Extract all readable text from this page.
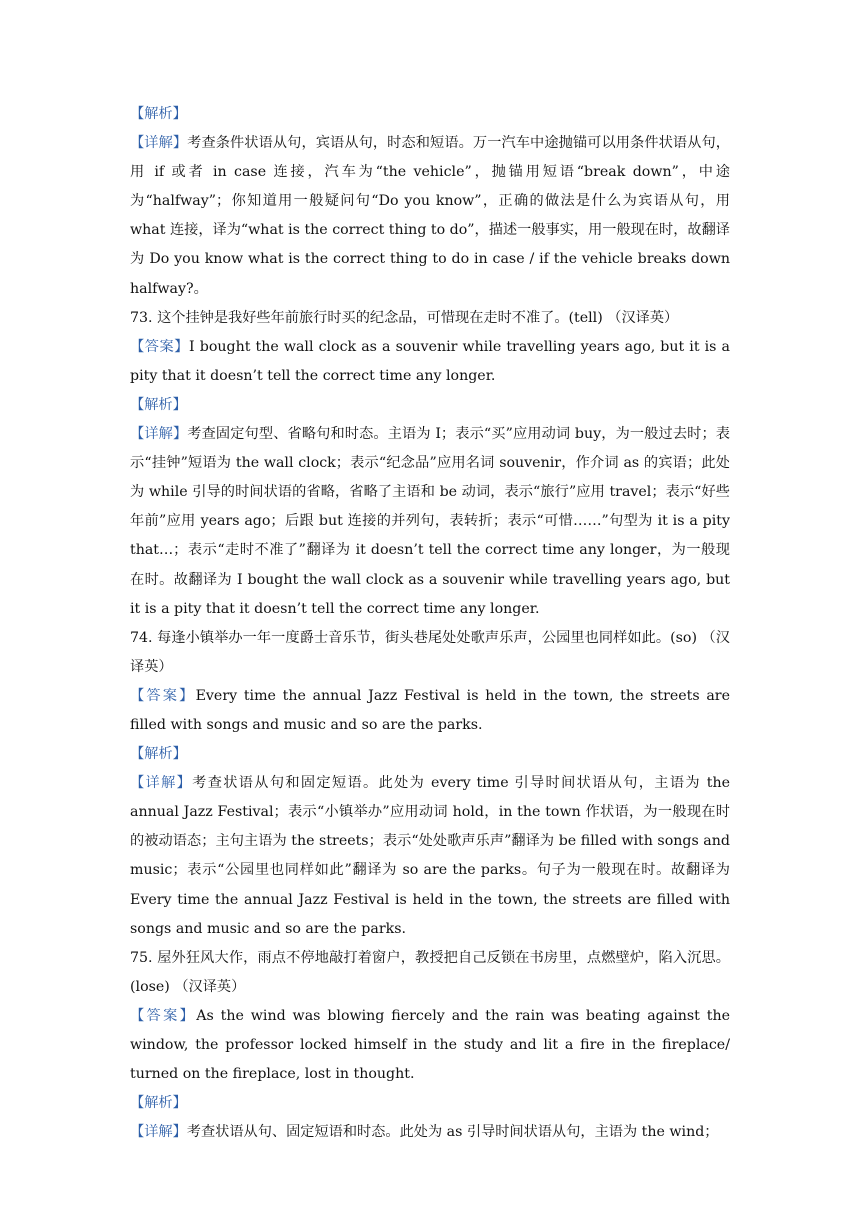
【解析】

【详解】考查条件状语从句，宾语从句，时态和短语。万一汽车中途抛锚可以用条件状语从句，用 if 或者 in case 连接，汽车为“the vehicle”，抛锚用短语“break down”，中途为“halfway”；你知道用一般疑问句“Do you know”，正确的做法是什么为宾语从句，用 what 连接，译为“what is the correct thing to do”，描述一般事实，用一般现在时，故翻译为 Do you know what is the correct thing to do in case / if the vehicle breaks down halfway?。

73. 这个挂钟是我好些年前旅行时买的纪念品，可惜现在走时不准了。(tell) （汉译英）

【答案】I bought the wall clock as a souvenir while travelling years ago, but it is a pity that it doesn’t tell the correct time any longer.

【解析】

【详解】考查固定句型、省略句和时态。主语为 I；表示“买”应用动词 buy，为一般过去时；表示“挂钟”短语为 the wall clock；表示“纪念品”应用名词 souvenir，作介词 as 的宾语；此处为 while 引导的时间状语的省略，省略了主语和 be 动词，表示“旅行”应用 travel；表示“好些年前”应用 years ago；后跟 but 连接的并列句，表转折；表示“可惜……”句型为 it is a pity that…；表示“走时不准了”翻译为 it doesn’t tell the correct time any longer，为一般现在时。故翻译为 I bought the wall clock as a souvenir while travelling years ago, but it is a pity that it doesn’t tell the correct time any longer.

74. 每逢小镇举办一年一度爵士音乐节，街头巷尾处处歌声乐声，公园里也同样如此。(so) （汉译英）

【答案】Every time the annual Jazz Festival is held in the town, the streets are filled with songs and music and so are the parks.

【解析】

【详解】考查状语从句和固定短语。此处为 every time 引导时间状语从句，主语为 the annual Jazz Festival；表示“小镇举办”应用动词 hold，in the town 作状语，为一般现在时的被动语态；主句主语为 the streets；表示“处处歌声乐声”翻译为 be filled with songs and music；表示“公园里也同样如此”翻译为 so are the parks。句子为一般现在时。故翻译为 Every time the annual Jazz Festival is held in the town, the streets are filled with songs and music and so are the parks.

75. 屋外狂风大作，雨点不停地敲打着窗户，教授把自己反锁在书房里，点燃壁炉，陷入沉思。(lose) （汉译英）

【答案】As the wind was blowing fiercely and the rain was beating against the window, the professor locked himself in the study and lit a fire in the fireplace/ turned on the fireplace, lost in thought.

【解析】

【详解】考查状语从句、固定短语和时态。此处为 as 引导时间状语从句，主语为 the wind；
